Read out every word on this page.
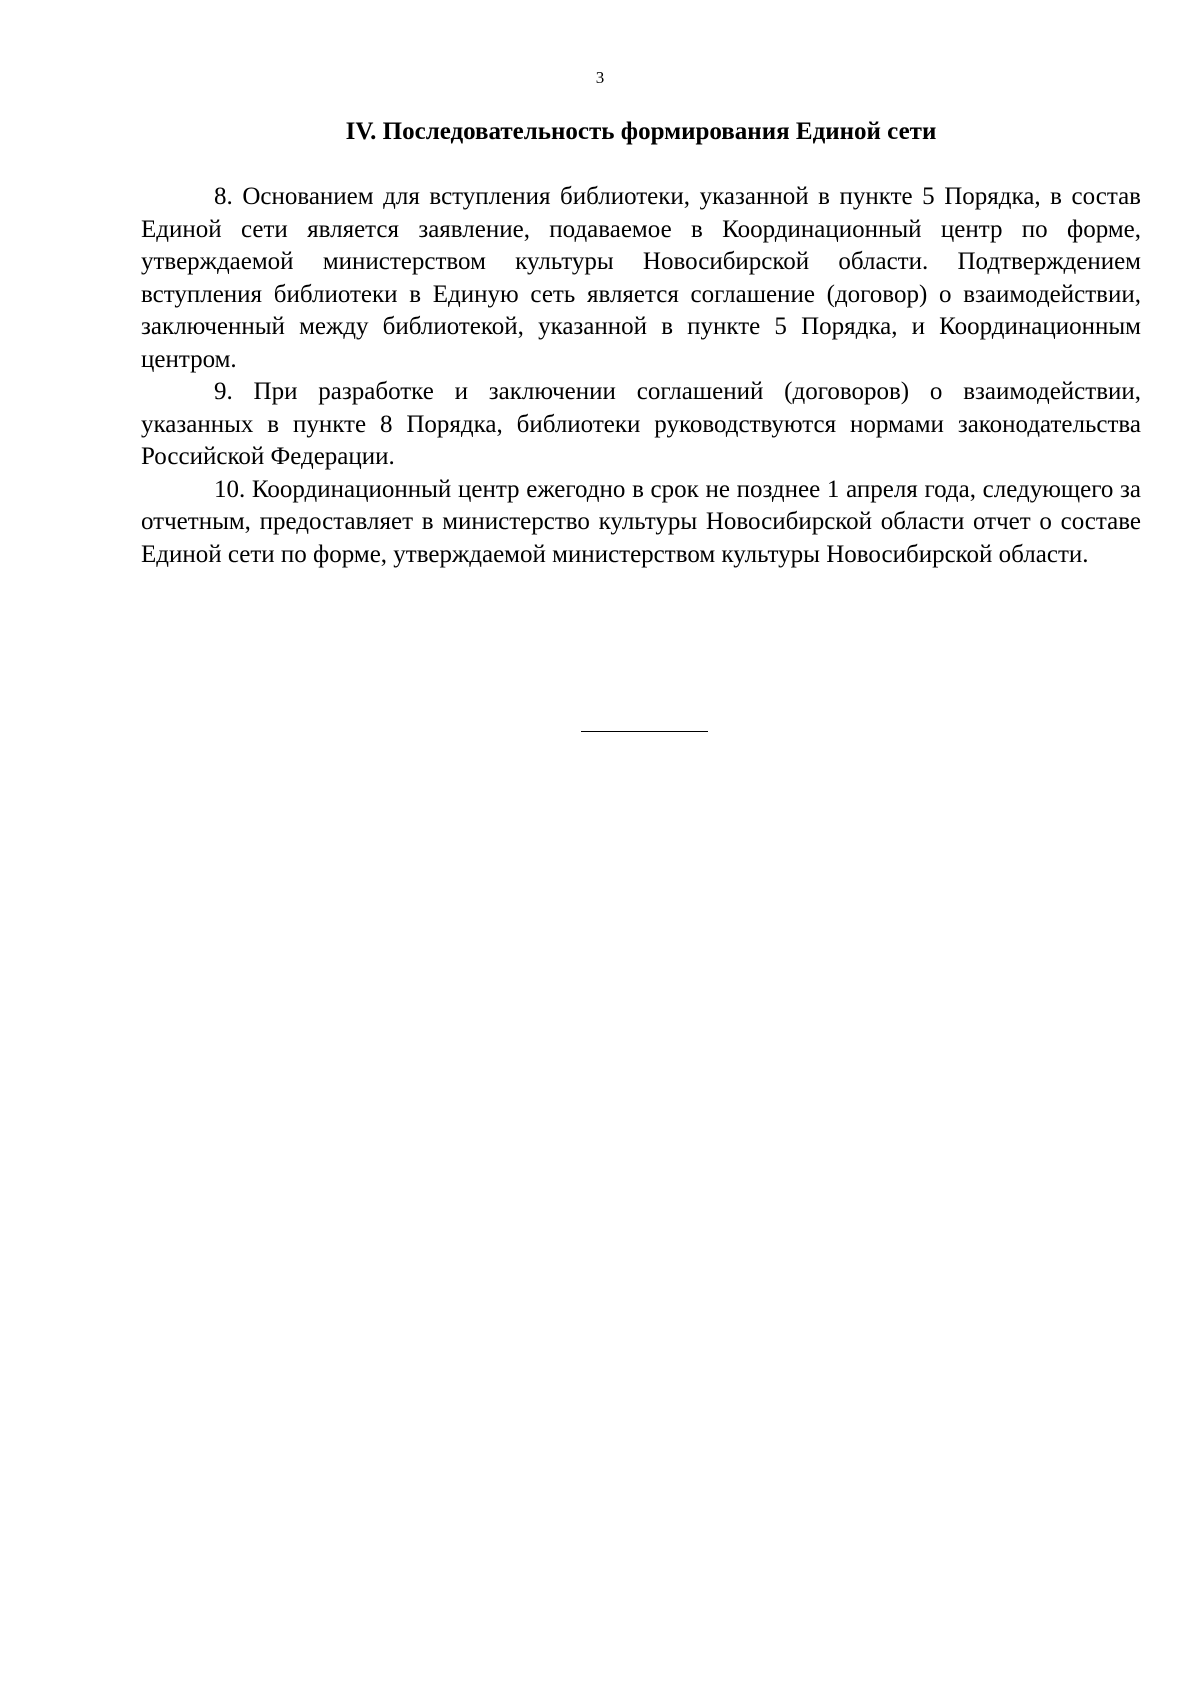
3
IV. Последовательность формирования Единой сети

8. Основанием для вступления библиотеки, указанной в пункте 5 Порядка, в состав Единой сети является заявление, подаваемое в Координационный центр по форме, утверждаемой министерством культуры Новосибирской области. Подтверждением вступления библиотеки в Единую сеть является соглашение (договор) о взаимодействии, заключенный между библиотекой, указанной в пункте 5 Порядка, и Координационным центром.

9. При разработке и заключении соглашений (договоров) о взаимодействии, указанных в пункте 8 Порядка, библиотеки руководствуются нормами законодательства Российской Федерации.

10. Координационный центр ежегодно в срок не позднее 1 апреля года, следующего за отчетным, предоставляет в министерство культуры Новосибирской области отчет о составе Единой сети по форме, утверждаемой министерством культуры Новосибирской области.
